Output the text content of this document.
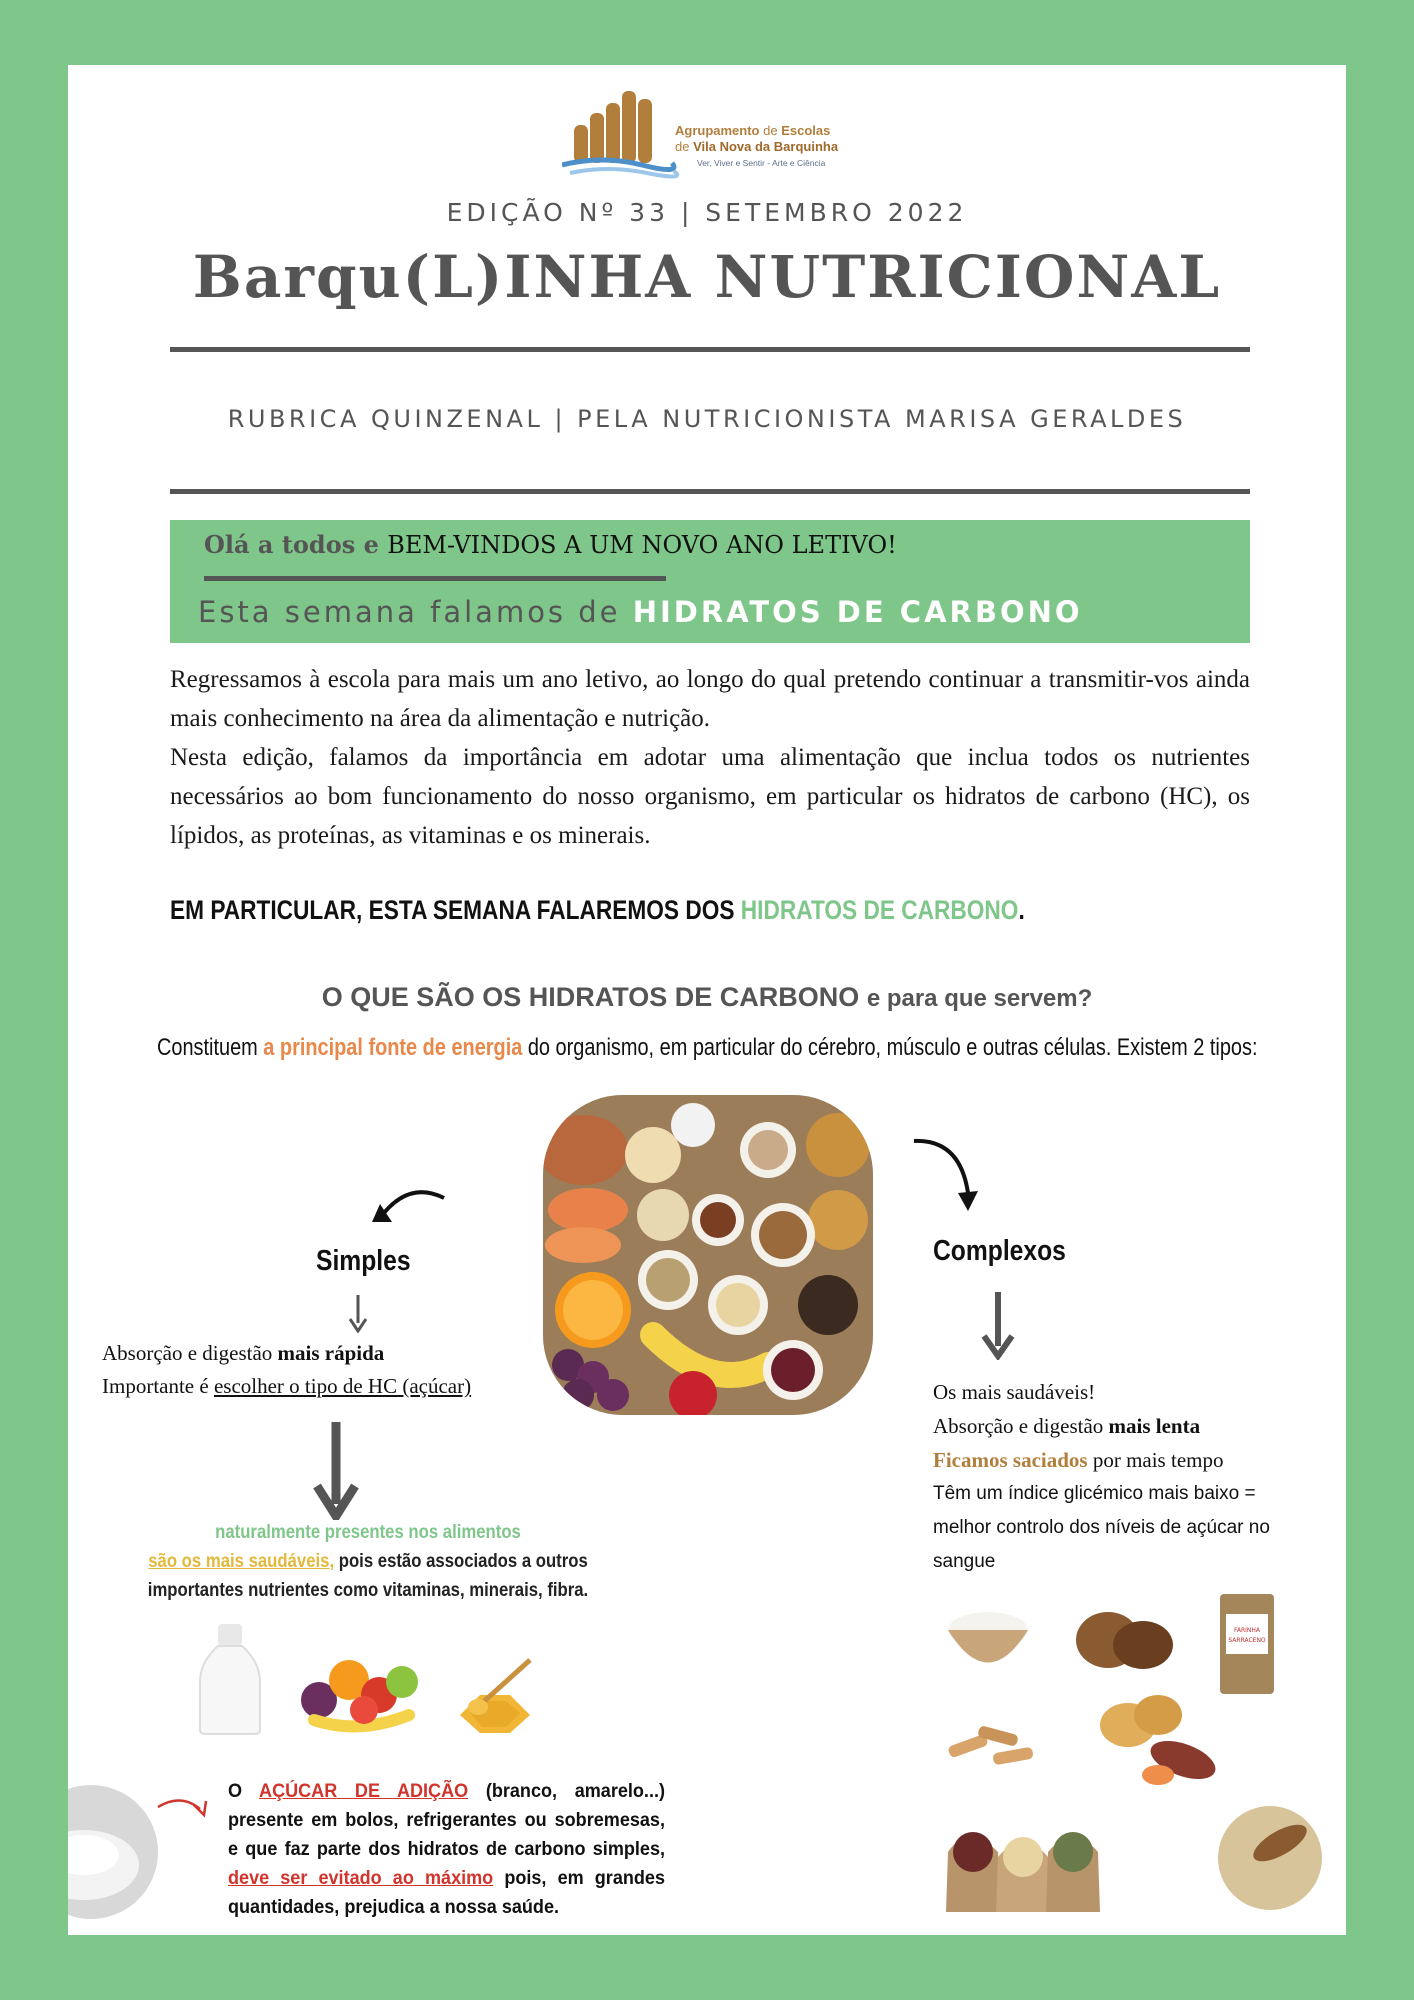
Agrupamento de Escolas
de Vila Nova da Barquinha
Ver, Viver e Sentir - Arte e Ciência
EDIÇÃO Nº 33 | SETEMBRO 2022
Barqu(L)INHA NUTRICIONAL
RUBRICA QUINZENAL | PELA NUTRICIONISTA MARISA GERALDES
Olá a todos e BEM-VINDOS A UM NOVO ANO LETIVO!
Esta semana falamos de HIDRATOS DE CARBONO

Regressamos à escola para mais um ano letivo, ao longo do qual pretendo continuar a transmitir-vos ainda mais conhecimento na área da alimentação e nutrição.

Nesta edição, falamos da importância em adotar uma alimentação que inclua todos os nutrientes necessários ao bom funcionamento do nosso organismo, em particular os hidratos de carbono (HC), os lípidos, as proteínas, as vitaminas e os minerais.

EM PARTICULAR, ESTA SEMANA FALAREMOS DOS HIDRATOS DE CARBONO.
O QUE SÃO OS HIDRATOS DE CARBONO e para que servem?
Constituem a principal fonte de energia do organismo, em particular do cérebro, músculo e outras células. Existem 2 tipos:
Simples	Complexos
Absorção e digestão mais rápida
Importante é escolher o tipo de HC (açúcar)
naturalmente presentes nos alimentos
são os mais saudáveis, pois estão associados a outros
importantes nutrientes como vitaminas, minerais, fibra.
Os mais saudáveis!
Absorção e digestão mais lenta
Ficamos saciados por mais tempo
Têm um índice glicémico mais baixo =
melhor controlo dos níveis de açúcar no
sangue
FARINHA
SARRACENO
O AÇÚCAR DE ADIÇÃO (branco, amarelo...) presente em bolos, refrigerantes ou sobremesas, e que faz parte dos hidratos de carbono simples, deve ser evitado ao máximo pois, em grandes quantidades, prejudica a nossa saúde.
